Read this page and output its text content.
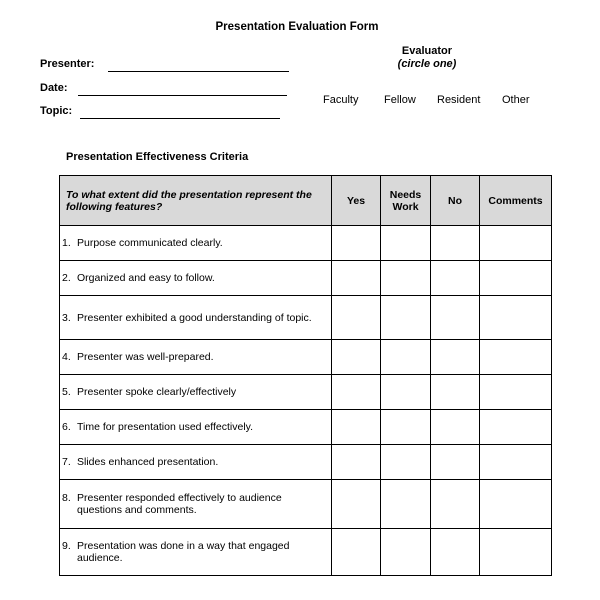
Presentation Evaluation Form
Presenter:
Date:
Topic:
Evaluator
(circle one)
Faculty Fellow Resident Other
Presentation Effectiveness Criteria
To what extent did the presentation represent the following features?	Yes	Needs Work	No	Comments
1. Purpose communicated clearly.				
2. Organized and easy to follow.				
3. Presenter exhibited a good understanding of topic.				
4. Presenter was well-prepared.				
5. Presenter spoke clearly/effectively				
6. Time for presentation used effectively.				
7. Slides enhanced presentation.				
8. Presenter responded effectively to audience questions and comments.				
9. Presentation was done in a way that engaged audience.				
